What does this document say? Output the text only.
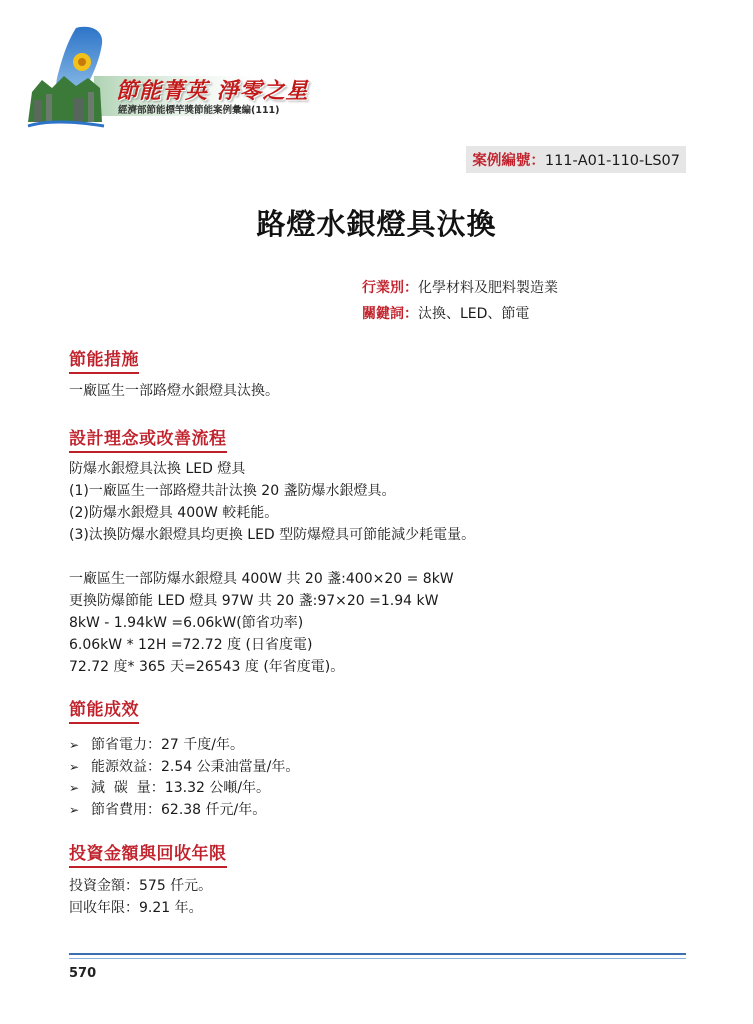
節能菁英 淨零之星
經濟部節能標竿獎節能案例彙編(111)
案例編號：111-A01-110-LS07
路燈水銀燈具汰換
行業別：化學材料及肥料製造業
關鍵詞：汰換、LED、節電
節能措施
一廠區生一部路燈水銀燈具汰換。
設計理念或改善流程
防爆水銀燈具汰換 LED 燈具
(1)一廠區生一部路燈共計汰換 20 盞防爆水銀燈具。
(2)防爆水銀燈具 400W 較耗能。
(3)汰換防爆水銀燈具均更換 LED 型防爆燈具可節能減少耗電量。
一廠區生一部防爆水銀燈具 400W 共 20 盞:400×20 = 8kW
更換防爆節能 LED 燈具 97W 共 20 盞:97×20 =1.94 kW
8kW - 1.94kW =6.06kW(節省功率)
6.06kW * 12H =72.72 度 (日省度電)
72.72 度* 365 天=26543 度 (年省度電)。
節能成效
➢ 節省電力：27 千度/年。
➢ 能源效益：2.54 公秉油當量/年。
➢ 減  碳  量：13.32 公噸/年。
➢ 節省費用：62.38 仟元/年。
投資金額與回收年限
投資金額：575 仟元。
回收年限：9.21 年。
570
